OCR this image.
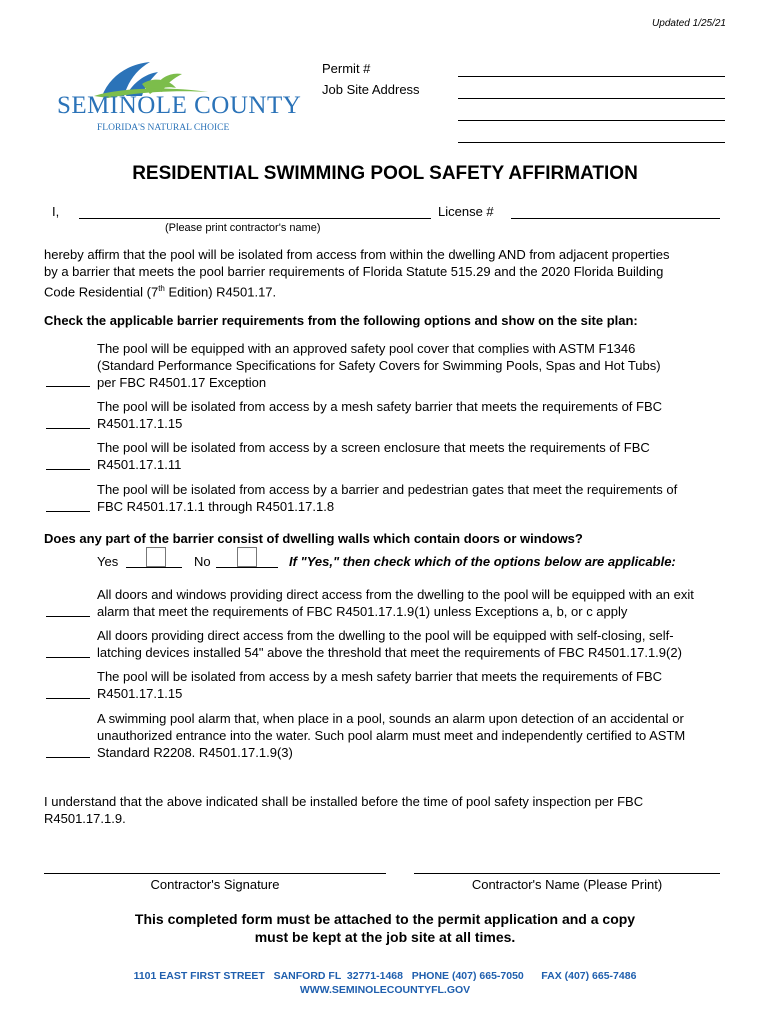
Updated 1/25/21
SEMINOLE COUNTY
FLORIDA'S NATURAL CHOICE
Permit #
Job Site Address
RESIDENTIAL SWIMMING POOL SAFETY AFFIRMATION
I,	License #
(Please print contractor's name)
hereby affirm that the pool will be isolated from access from within the dwelling AND from adjacent properties
by a barrier that meets the pool barrier requirements of Florida Statute 515.29 and the 2020 Florida Building
Code Residential (7th Edition) R4501.17.
Check the applicable barrier requirements from the following options and show on the site plan:
The pool will be equipped with an approved safety pool cover that complies with ASTM F1346
(Standard Performance Specifications for Safety Covers for Swimming Pools, Spas and Hot Tubs)
per FBC R4501.17 Exception
The pool will be isolated from access by a mesh safety barrier that meets the requirements of FBC
R4501.17.1.15
The pool will be isolated from access by a screen enclosure that meets the requirements of FBC
R4501.17.1.11
The pool will be isolated from access by a barrier and pedestrian gates that meet the requirements of
FBC R4501.17.1.1 through R4501.17.1.8
Does any part of the barrier consist of dwelling walls which contain doors or windows?
Yes	No	If "Yes," then check which of the options below are applicable:
All doors and windows providing direct access from the dwelling to the pool will be equipped with an exit
alarm that meet the requirements of FBC R4501.17.1.9(1) unless Exceptions a, b, or c apply
All doors providing direct access from the dwelling to the pool will be equipped with self-closing, self-
latching devices installed 54" above the threshold that meet the requirements of FBC R4501.17.1.9(2)
The pool will be isolated from access by a mesh safety barrier that meets the requirements of FBC
R4501.17.1.15
A swimming pool alarm that, when place in a pool, sounds an alarm upon detection of an accidental or
unauthorized entrance into the water. Such pool alarm must meet and independently certified to ASTM
Standard R2208. R4501.17.1.9(3)
I understand that the above indicated shall be installed before the time of pool safety inspection per FBC
R4501.17.1.9.
Contractor's Signature	Contractor's Name (Please Print)
This completed form must be attached to the permit application and a copy
must be kept at the job site at all times.
1101 EAST FIRST STREET   SANFORD FL  32771-1468   PHONE (407) 665-7050      FAX (407) 665-7486
WWW.SEMINOLECOUNTYFL.GOV
